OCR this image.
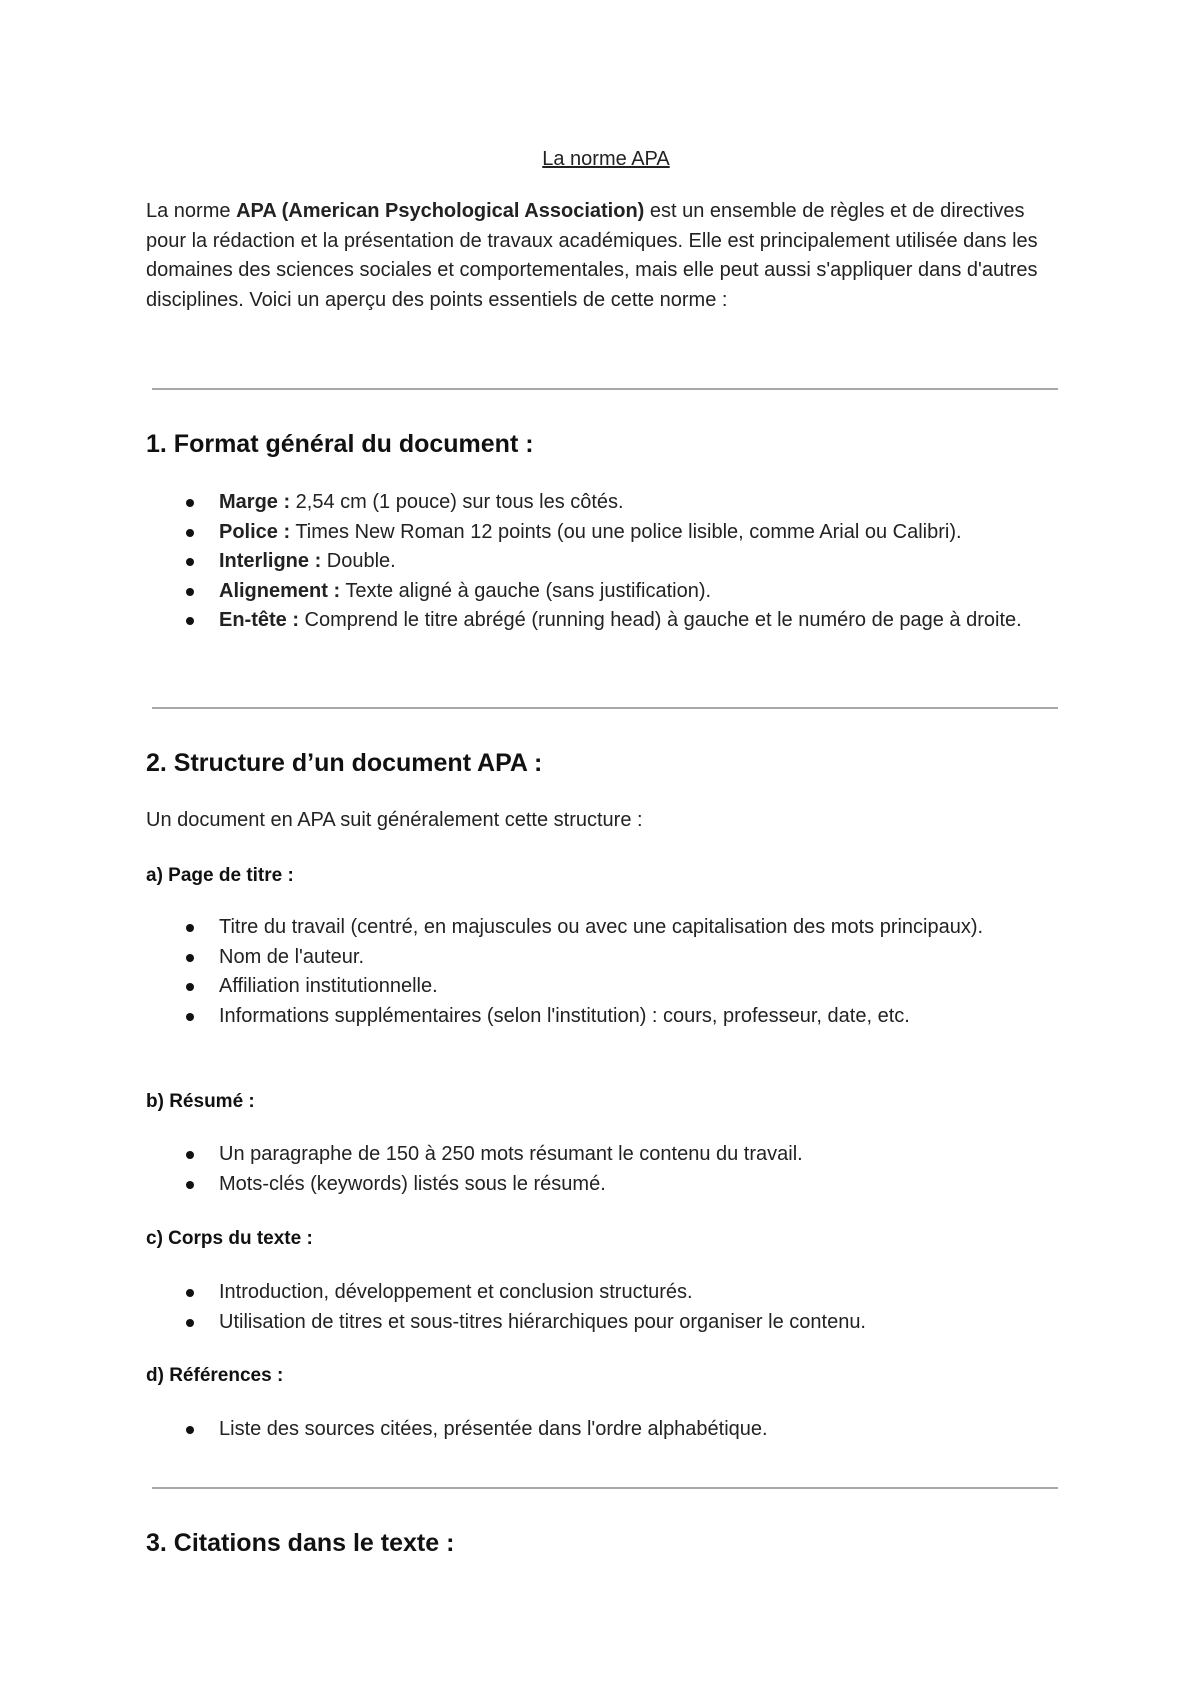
La norme APA

La norme APA (American Psychological Association) est un ensemble de règles et de directives pour la rédaction et la présentation de travaux académiques. Elle est principalement utilisée dans les domaines des sciences sociales et comportementales, mais elle peut aussi s'appliquer dans d'autres disciplines. Voici un aperçu des points essentiels de cette norme :

1. Format général du document :
Marge : 2,54 cm (1 pouce) sur tous les côtés.
Police : Times New Roman 12 points (ou une police lisible, comme Arial ou Calibri).
Interligne : Double.
Alignement : Texte aligné à gauche (sans justification).
En-tête : Comprend le titre abrégé (running head) à gauche et le numéro de page à droite.
2. Structure d’un document APA :

Un document en APA suit généralement cette structure :

a) Page de titre :
Titre du travail (centré, en majuscules ou avec une capitalisation des mots principaux).
Nom de l'auteur.
Affiliation institutionnelle.
Informations supplémentaires (selon l'institution) : cours, professeur, date, etc.
b) Résumé :
Un paragraphe de 150 à 250 mots résumant le contenu du travail.
Mots-clés (keywords) listés sous le résumé.
c) Corps du texte :
Introduction, développement et conclusion structurés.
Utilisation de titres et sous-titres hiérarchiques pour organiser le contenu.
d) Références :
Liste des sources citées, présentée dans l'ordre alphabétique.
3. Citations dans le texte :
